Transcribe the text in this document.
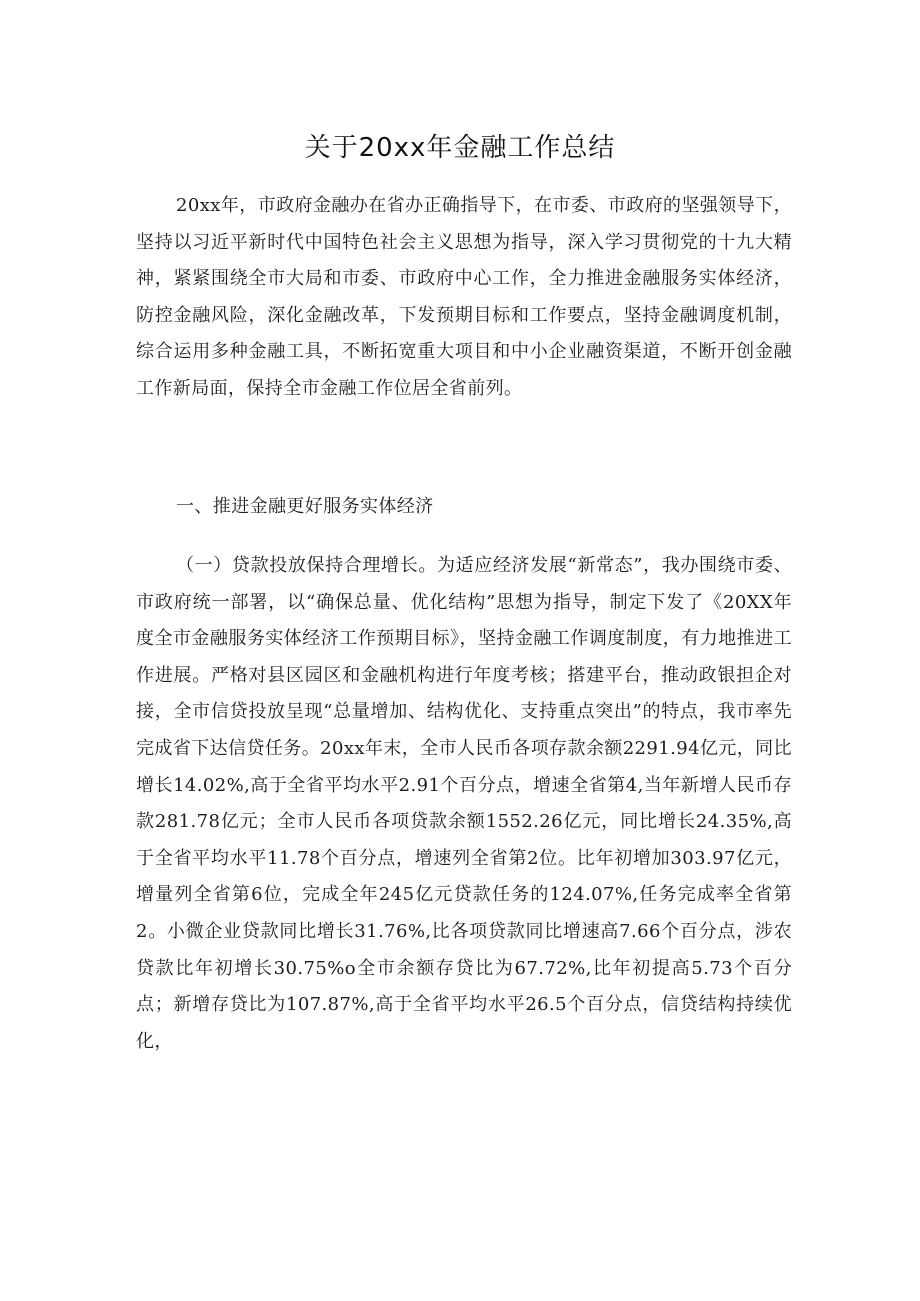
关于20xx年金融工作总结
20xx年，市政府金融办在省办正确指导下，在市委、市政府的坚强领导下，坚持以习近平新时代中国特色社会主义思想为指导，深入学习贯彻党的十九大精神，紧紧围绕全市大局和市委、市政府中心工作，全力推进金融服务实体经济，防控金融风险，深化金融改革，下发预期目标和工作要点，坚持金融调度机制，综合运用多种金融工具，不断拓宽重大项目和中小企业融资渠道，不断开创金融工作新局面，保持全市金融工作位居全省前列。
一、推进金融更好服务实体经济
（一）贷款投放保持合理增长。为适应经济发展“新常态”，我办围绕市委、市政府统一部署，以“确保总量、优化结构”思想为指导，制定下发了《20XX年度全市金融服务实体经济工作预期目标》，坚持金融工作调度制度，有力地推进工作进展。严格对县区园区和金融机构进行年度考核；搭建平台，推动政银担企对接，全市信贷投放呈现“总量增加、结构优化、支持重点突出”的特点，我市率先完成省下达信贷任务。20xx年末，全市人民币各项存款余额2291.94亿元，同比增长14.02%,高于全省平均水平2.91个百分点，增速全省第4,当年新增人民币存款281.78亿元；全市人民币各项贷款余额1552.26亿元，同比增长24.35%,高于全省平均水平11.78个百分点，增速列全省第2位。比年初增加303.97亿元，增量列全省第6位，完成全年245亿元贷款任务的124.07%,任务完成率全省第2。小微企业贷款同比增长31.76%,比各项贷款同比增速高7.66个百分点，涉农贷款比年初增长30.75%o全市余额存贷比为67.72%,比年初提高5.73个百分点；新增存贷比为107.87%,高于全省平均水平26.5个百分点，信贷结构持续优化，
